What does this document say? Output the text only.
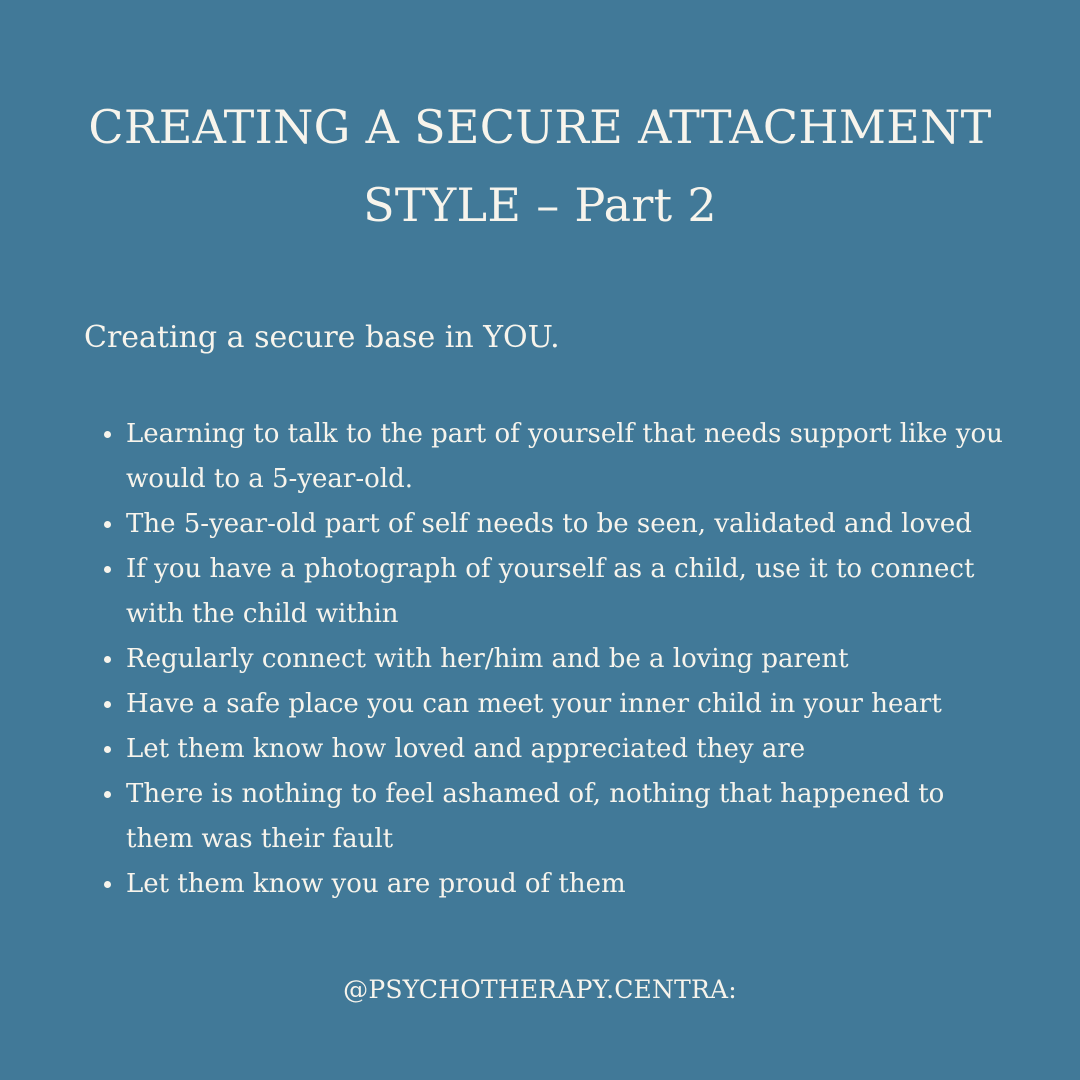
CREATING A SECURE ATTACHMENT
STYLE – Part 2

Creating a secure base in YOU.

Learning to talk to the part of yourself that needs support like you would to a 5-year-old.
The 5-year-old part of self needs to be seen, validated and loved
If you have a photograph of yourself as a child, use it to connect with the child within
Regularly connect with her/him and be a loving parent
Have a safe place you can meet your inner child in your heart
Let them know how loved and appreciated they are
There is nothing to feel ashamed of, nothing that happened to them was their fault
Let them know you are proud of them

@PSYCHOTHERAPY.CENTRA:
